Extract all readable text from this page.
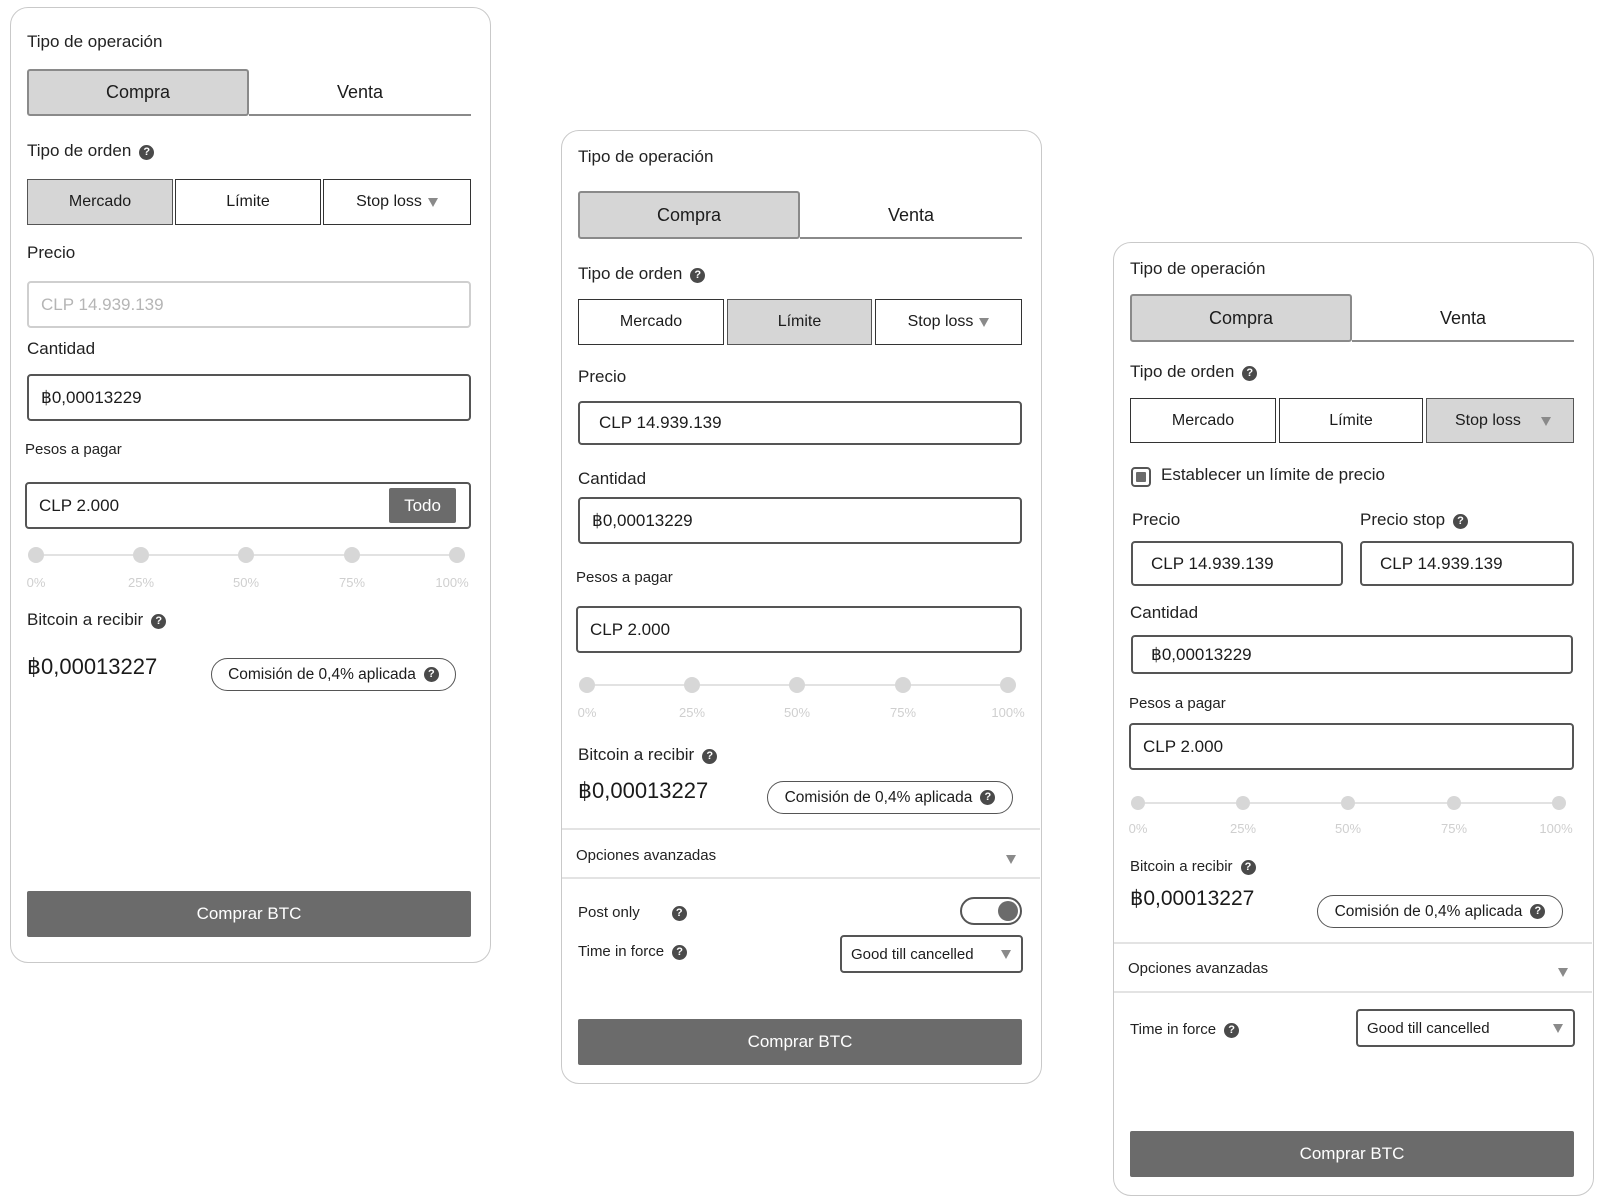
Tipo de operación
Compra	Venta
Tipo de orden ?
Mercado	Límite	Stop loss
Precio
CLP 14.939.139
Cantidad
฿0,00013229
Pesos a pagar
CLP 2.000	Todo
0%	25%	50%	75%	100%
Bitcoin a recibir ?
฿0,00013227	Comisión de 0,4% aplicada	?
Comprar BTC
Tipo de operación
Compra	Venta
Tipo de orden ?
Mercado	Límite	Stop loss
Precio
CLP 14.939.139
Cantidad
฿0,00013229
Pesos a pagar
CLP 2.000
0%	25%	50%	75%	100%
Bitcoin a recibir ?
฿0,00013227	Comisión de 0,4% aplicada	?
Opciones avanzadas
Post only	?
Time in force ?	Good till cancelled
Comprar BTC
Tipo de operación
Compra	Venta
Tipo de orden ?
Mercado	Límite	Stop loss
Establecer un límite de precio
Precio	Precio stop ?
CLP 14.939.139	CLP 14.939.139
Cantidad
฿0,00013229
Pesos a pagar
CLP 2.000
0%	25%	50%	75%	100%
Bitcoin a recibir ?
฿0,00013227
Comisión de 0,4% aplicada	?
Opciones avanzadas
Time in force ?	Good till cancelled
Comprar BTC
